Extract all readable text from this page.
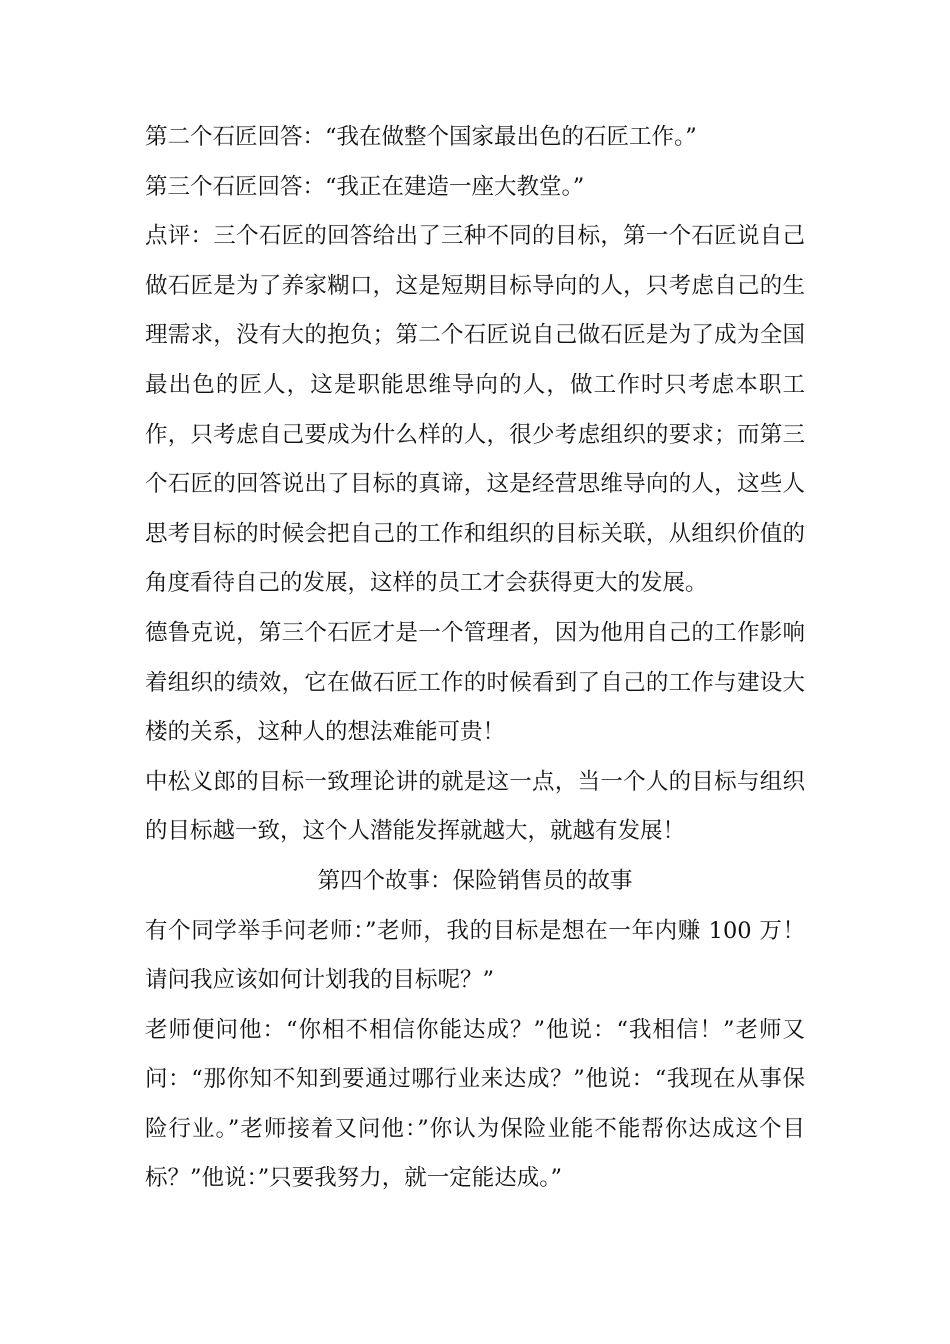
第二个石匠回答：“我在做整个国家最出色的石匠工作。”

第三个石匠回答：“我正在建造一座大教堂。”

点评：三个石匠的回答给出了三种不同的目标，第一个石匠说自己做石匠是为了养家糊口，这是短期目标导向的人，只考虑自己的生理需求，没有大的抱负；第二个石匠说自己做石匠是为了成为全国最出色的匠人，这是职能思维导向的人，做工作时只考虑本职工作，只考虑自己要成为什么样的人，很少考虑组织的要求；而第三个石匠的回答说出了目标的真谛，这是经营思维导向的人，这些人思考目标的时候会把自己的工作和组织的目标关联，从组织价值的角度看待自己的发展，这样的员工才会获得更大的发展。

德鲁克说，第三个石匠才是一个管理者，因为他用自己的工作影响着组织的绩效，它在做石匠工作的时候看到了自己的工作与建设大楼的关系，这种人的想法难能可贵！

中松义郎的目标一致理论讲的就是这一点，当一个人的目标与组织的目标越一致，这个人潜能发挥就越大，就越有发展！

第四个故事：保险销售员的故事

有个同学举手问老师：”老师，我的目标是想在一年内赚 100 万！请问我应该如何计划我的目标呢？”

老师便问他：“你相不相信你能达成？”他说：“我相信！”老师又问：“那你知不知到要通过哪行业来达成？”他说：“我现在从事保险行业。”老师接着又问他：”你认为保险业能不能帮你达成这个目标？”他说：”只要我努力，就一定能达成。”
